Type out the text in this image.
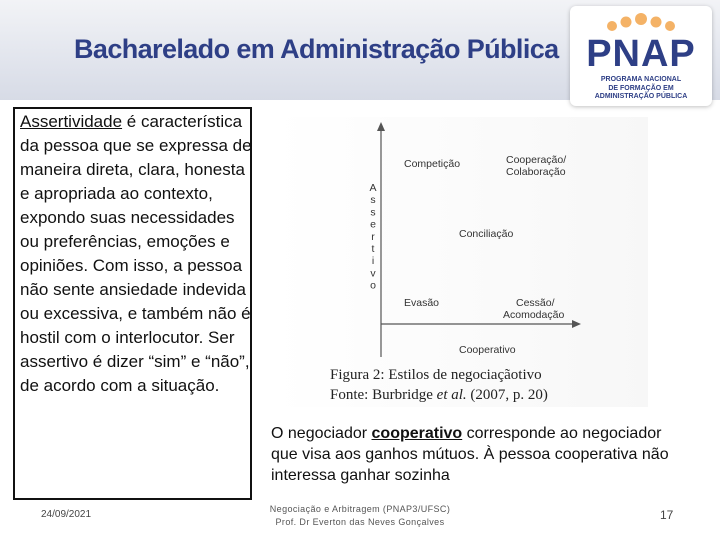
Bacharelado em Administração Pública PNAP
PROGRAMA NACIONAL
DE FORMAÇÃO EM
ADMINISTRAÇÃO PÚBLICA

Assertividade é característica da pessoa que se expressa de maneira direta, clara, honesta e apropriada ao contexto, expondo suas necessidades ou preferências, emoções e opiniões. Com isso, a pessoa não sente ansiedade indevida ou excessiva, e também não é hostil com o interlocutor. Ser assertivo é dizer “sim” e “não”, de acordo com a situação.

A s s e r t i v o
Competição	Cooperação/
Colaboração
Conciliação
Evasão	Cessão/
Acomodação
Cooperativo
Figura 2: Estilos de negociaçãotivo
Fonte: Burbridge et al. (2007, p. 20)

O negociador cooperativo corresponde ao negociador que visa aos ganhos mútuos. À pessoa cooperativa não interessa ganhar sozinha

24/09/2021	Negociação e Arbitragem (PNAP3/UFSC)
Prof. Dr Everton das Neves Gonçalves	17
